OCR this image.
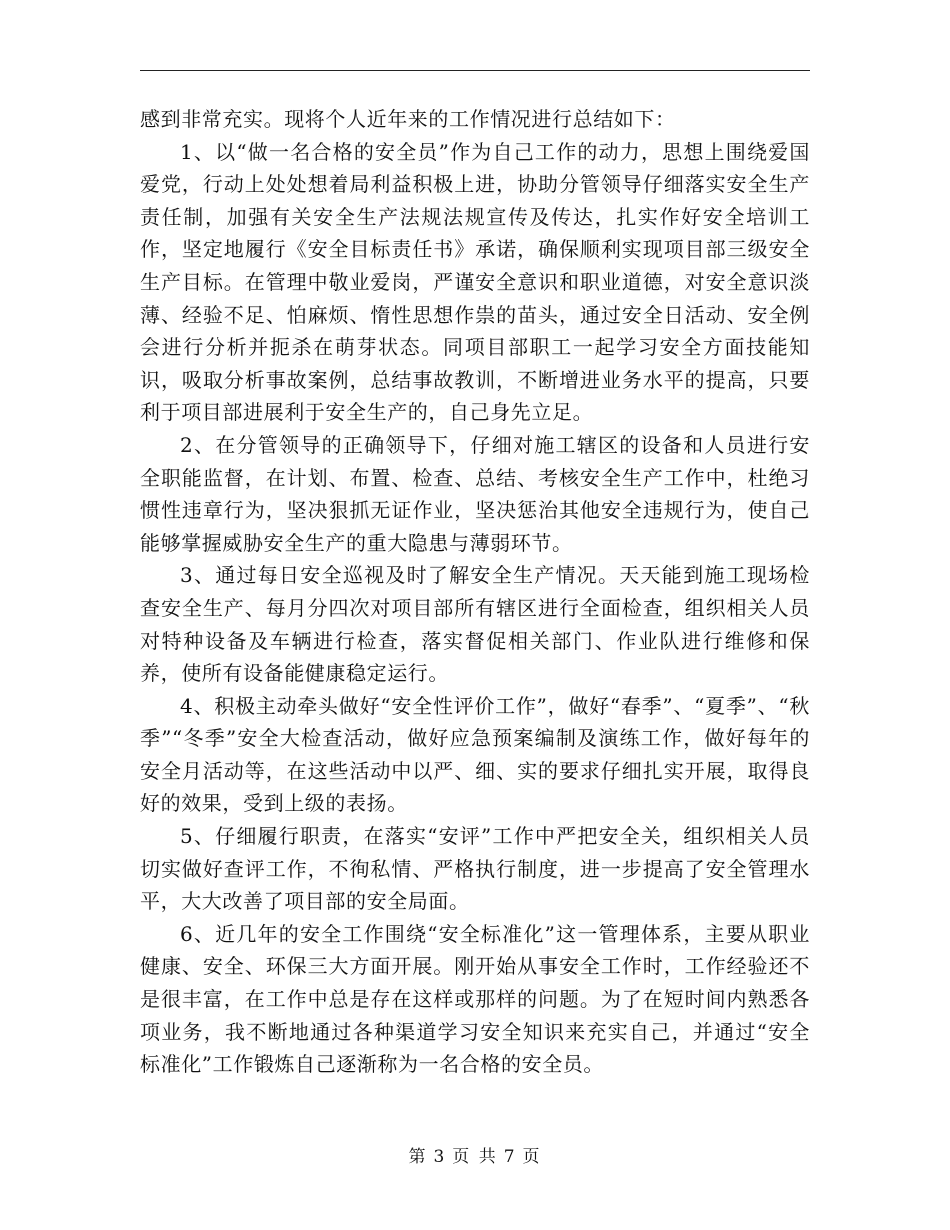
感到非常充实。现将个人近年来的工作情况进行总结如下：

1、以“做一名合格的安全员”作为自己工作的动力，思想上围绕爱国爱党，行动上处处想着局利益积极上进，协助分管领导仔细落实安全生产责任制，加强有关安全生产法规法规宣传及传达，扎实作好安全培训工作，坚定地履行《安全目标责任书》承诺，确保顺利实现项目部三级安全生产目标。在管理中敬业爱岗，严谨安全意识和职业道德，对安全意识淡薄、经验不足、怕麻烦、惰性思想作祟的苗头，通过安全日活动、安全例会进行分析并扼杀在萌芽状态。同项目部职工一起学习安全方面技能知识，吸取分析事故案例，总结事故教训，不断增进业务水平的提高，只要利于项目部进展利于安全生产的，自己身先立足。

2、在分管领导的正确领导下，仔细对施工辖区的设备和人员进行安全职能监督，在计划、布置、检查、总结、考核安全生产工作中，杜绝习惯性违章行为，坚决狠抓无证作业，坚决惩治其他安全违规行为，使自己能够掌握威胁安全生产的重大隐患与薄弱环节。

3、通过每日安全巡视及时了解安全生产情况。天天能到施工现场检查安全生产、每月分四次对项目部所有辖区进行全面检查，组织相关人员对特种设备及车辆进行检查，落实督促相关部门、作业队进行维修和保养，使所有设备能健康稳定运行。

4、积极主动牵头做好“安全性评价工作”，做好“春季”、“夏季”、“秋季”“冬季”安全大检查活动，做好应急预案编制及演练工作，做好每年的安全月活动等，在这些活动中以严、细、实的要求仔细扎实开展，取得良好的效果，受到上级的表扬。

5、仔细履行职责，在落实“安评”工作中严把安全关，组织相关人员切实做好查评工作，不徇私情、严格执行制度，进一步提高了安全管理水平，大大改善了项目部的安全局面。

6、近几年的安全工作围绕“安全标准化”这一管理体系，主要从职业健康、安全、环保三大方面开展。刚开始从事安全工作时，工作经验还不是很丰富，在工作中总是存在这样或那样的问题。为了在短时间内熟悉各项业务，我不断地通过各种渠道学习安全知识来充实自己，并通过“安全标准化”工作锻炼自己逐渐称为一名合格的安全员。

第 3 页 共 7 页
